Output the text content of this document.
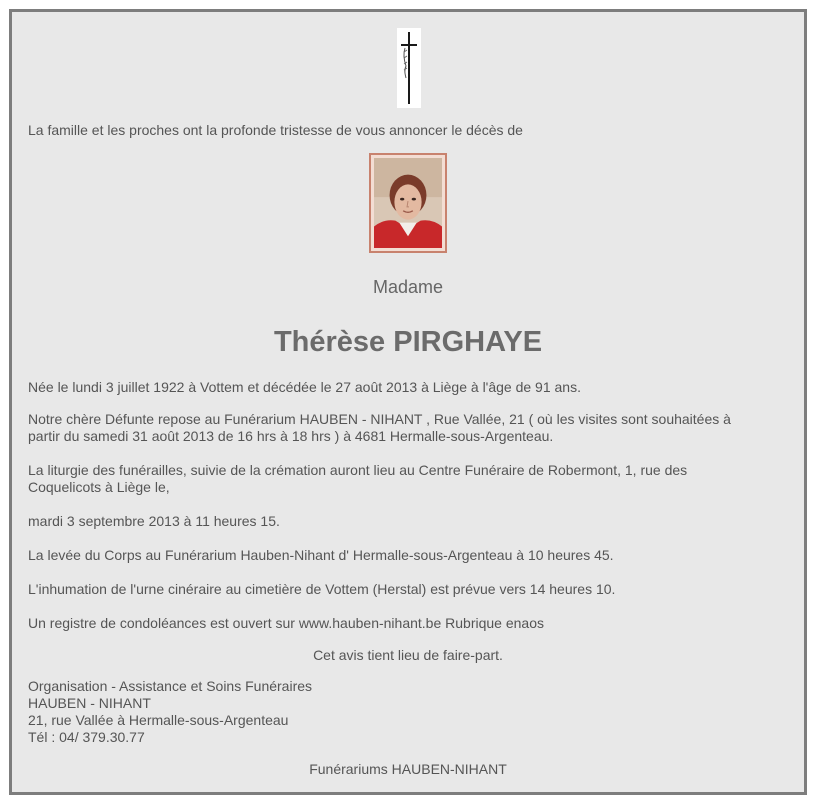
La famille et les proches ont la profonde tristesse de vous annoncer le décès de

Madame
Thérèse PIRGHAYE

Née le lundi 3 juillet 1922 à Vottem et décédée le 27 août 2013 à Liège à l'âge de 91 ans.

Notre chère Défunte repose au Funérarium HAUBEN - NIHANT , Rue Vallée, 21 ( où les visites sont souhaitées à

partir du samedi 31 août 2013 de 16 hrs à 18 hrs ) à 4681 Hermalle-sous-Argenteau.

La liturgie des funérailles, suivie de la crémation auront lieu au Centre Funéraire de Robermont, 1, rue des

Coquelicots à Liège le,

mardi 3 septembre 2013 à 11 heures 15.

La levée du Corps au Funérarium Hauben-Nihant d' Hermalle-sous-Argenteau à 10 heures 45.

L'inhumation de l'urne cinéraire au cimetière de Vottem (Herstal) est prévue vers 14 heures 10.

Un registre de condoléances est ouvert sur www.hauben-nihant.be Rubrique enaos

Cet avis tient lieu de faire-part.

Organisation - Assistance et Soins Funéraires

HAUBEN - NIHANT

21, rue Vallée à Hermalle-sous-Argenteau

Tél : 04/ 379.30.77

Funérariums HAUBEN-NIHANT
